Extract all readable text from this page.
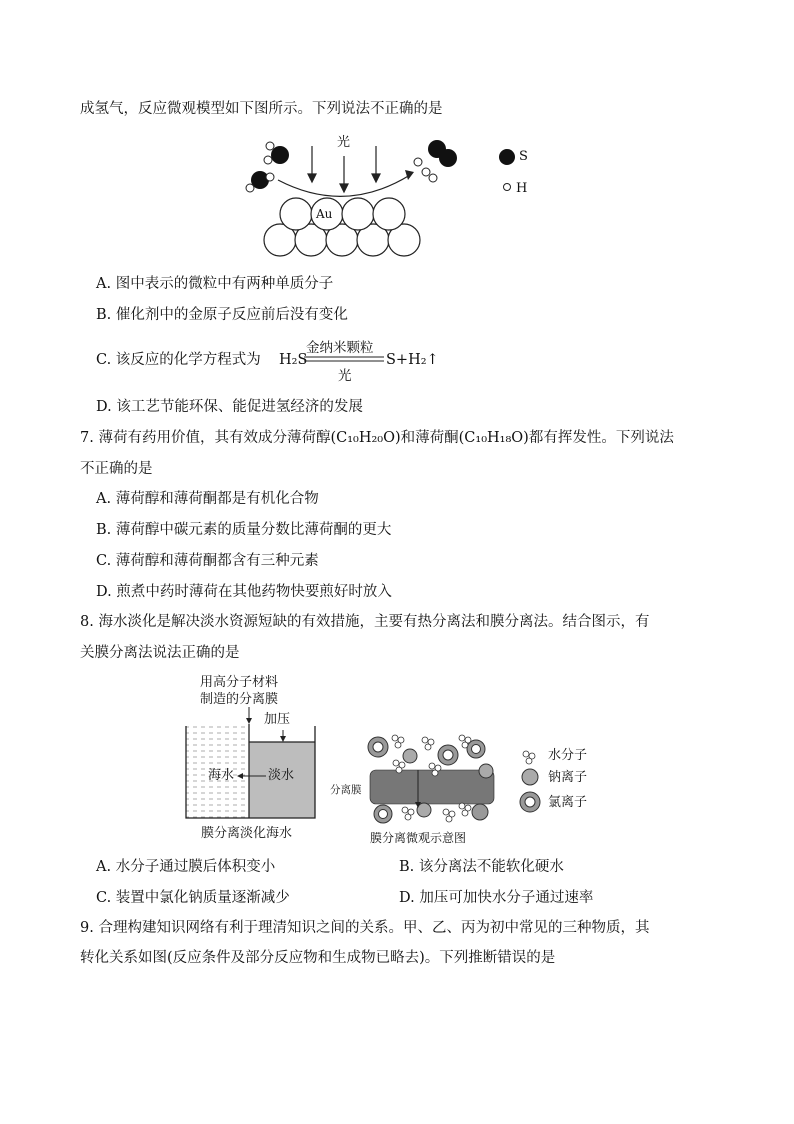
成氢气，反应微观模型如下图所示。下列说法不正确的是
光
Au
S
H
A. 图中表示的微粒中有两种单质分子
B. 催化剂中的金原子反应前后没有变化
C. 该反应的化学方程式为 H₂S
金纳米颗粒
光
S+H₂↑
D. 该工艺节能环保、能促进氢经济的发展
7. 薄荷有药用价值，其有效成分薄荷醇(C₁₀H₂₀O)和薄荷酮(C₁₀H₁₈O)都有挥发性。下列说法
不正确的是
A. 薄荷醇和薄荷酮都是有机化合物
B. 薄荷醇中碳元素的质量分数比薄荷酮的更大
C. 薄荷醇和薄荷酮都含有三种元素
D. 煎煮中药时薄荷在其他药物快要煎好时放入
8. 海水淡化是解决淡水资源短缺的有效措施，主要有热分离法和膜分离法。结合图示，有
关膜分离法说法正确的是
用高分子材料
制造的分离膜
加压
海水	淡水
膜分离淡化海水
分离膜
膜分离微观示意图
水分子
钠离子
氯离子
A. 水分子通过膜后体积变小	B. 该分离法不能软化硬水
C. 装置中氯化钠质量逐渐减少	D. 加压可加快水分子通过速率
9. 合理构建知识网络有利于理清知识之间的关系。甲、乙、丙为初中常见的三种物质，其
转化关系如图(反应条件及部分反应物和生成物已略去)。下列推断错误的是
